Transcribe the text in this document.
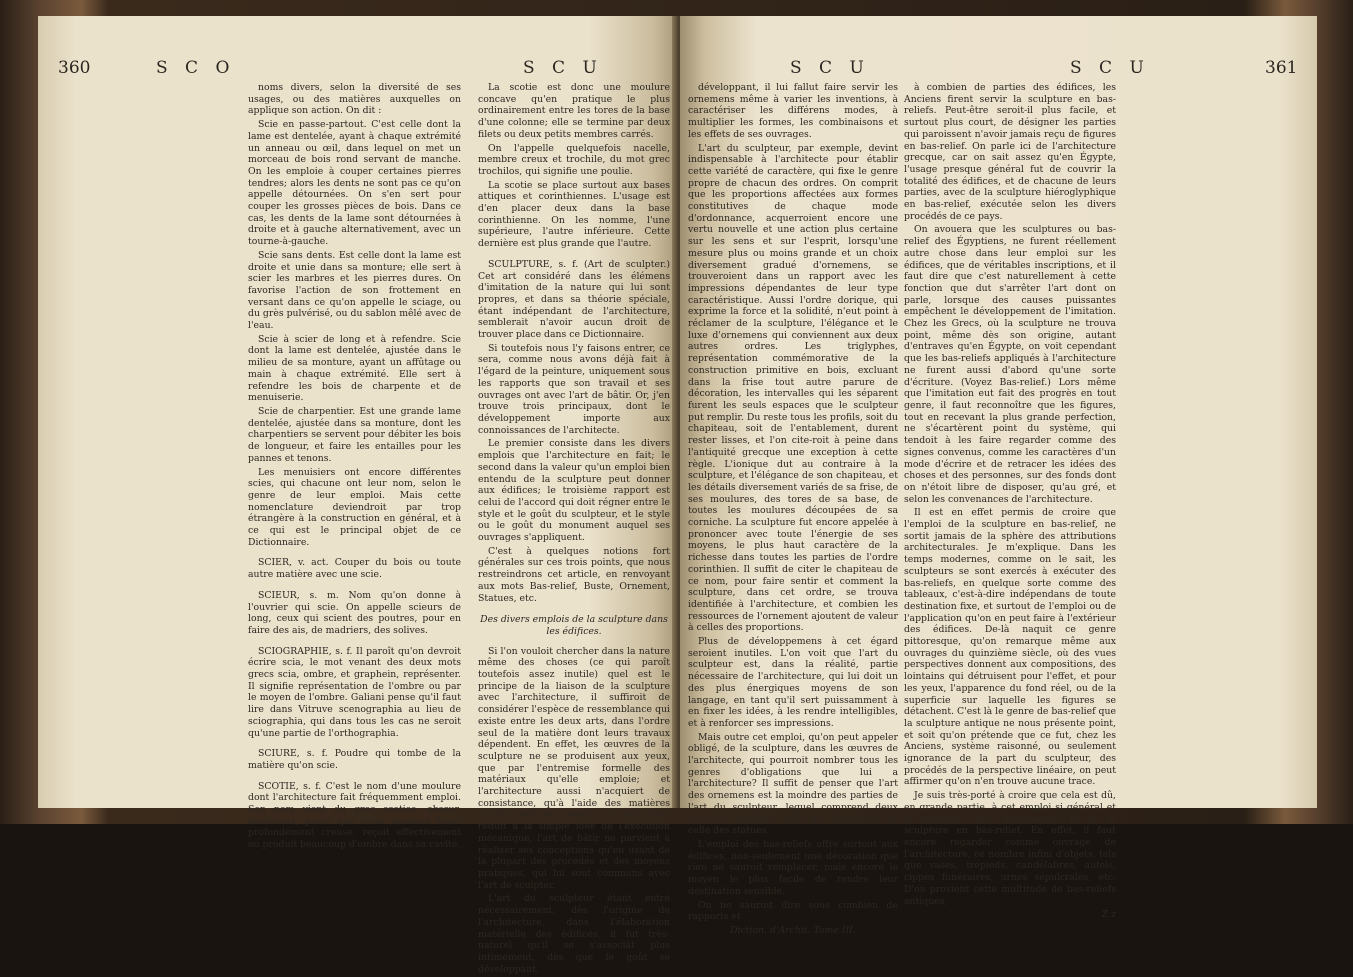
360	S C O	S C U

noms divers, selon la diversité de ses usages, ou des matières auxquelles on applique son action. On dit :

Scie en passe-partout. C'est celle dont la lame est dentelée, ayant à chaque extrémité un anneau ou œil, dans lequel on met un morceau de bois rond servant de manche. On les emploie à couper certaines pierres tendres; alors les dents ne sont pas ce qu'on appelle détournées. On s'en sert pour couper les grosses pièces de bois. Dans ce cas, les dents de la lame sont détournées à droite et à gauche alternativement, avec un tourne-à-gauche.

Scie sans dents. Est celle dont la lame est droite et unie dans sa monture; elle sert à scier les marbres et les pierres dures. On favorise l'action de son frottement en versant dans ce qu'on appelle le sciage, ou du grès pulvérisé, ou du sablon mêlé avec de l'eau.

Scie à scier de long et à refendre. Scie dont la lame est dentelée, ajustée dans le milieu de sa monture, ayant un affûtage ou main à chaque extrémité. Elle sert à refendre les bois de charpente et de menuiserie.

Scie de charpentier. Est une grande lame dentelée, ajustée dans sa monture, dont les charpentiers se servent pour débiter les bois de longueur, et faire les entailles pour les pannes et tenons.

Les menuisiers ont encore différentes scies, qui chacune ont leur nom, selon le genre de leur emploi. Mais cette nomenclature deviendroit par trop étrangère à la construction en général, et à ce qui est le principal objet de ce Dictionnaire.

SCIER, v. act. Couper du bois ou toute autre matière avec une scie.

SCIEUR, s. m. Nom qu'on donne à l'ouvrier qui scie. On appelle scieurs de long, ceux qui scient des poutres, pour en faire des ais, de madriers, des solives.

SCIOGRAPHIE, s. f. Il paroît qu'on devroit écrire scia, le mot venant des deux mots grecs scia, ombre, et graphein, représenter. Il signifie représentation de l'ombre ou par le moyen de l'ombre. Galiani pense qu'il faut lire dans Vitruve scenographia au lieu de sciographia, qui dans tous les cas ne seroit qu'une partie de l'orthographia.

SCIURE, s. f. Poudre qui tombe de la matière qu'on scie.

SCOTIE, s. f. C'est le nom d'une moulure dont l'architecture fait fréquemment emploi. Son nom vient du grec scotios, obscur, ténébreux, parce que cette moulure étant profondément creuse, reçoit effectivement ou produit beaucoup d'ombre dans sa cavité.

La scotie est donc une moulure concave qu'en pratique le plus ordinairement entre les tores de la base d'une colonne; elle se termine par deux filets ou deux petits membres carrés.

On l'appelle quelquefois nacelle, membre creux et trochile, du mot grec trochilos, qui signifie une poulie.

La scotie se place surtout aux bases attiques et corinthiennes. L'usage est d'en placer deux dans la base corinthienne. On les nomme, l'une supérieure, l'autre inférieure. Cette dernière est plus grande que l'autre.

SCULPTURE, s. f. (Art de sculpter.) Cet art considéré dans les élémens d'imitation de la nature qui lui sont propres, et dans sa théorie spéciale, étant indépendant de l'architecture, semblerait n'avoir aucun droit de trouver place dans ce Dictionnaire.

Si toutefois nous l'y faisons entrer, ce sera, comme nous avons déjà fait à l'égard de la peinture, uniquement sous les rapports que son travail et ses ouvrages ont avec l'art de bâtir. Or, j'en trouve trois principaux, dont le développement importe aux connoissances de l'architecte.

Le premier consiste dans les divers emplois que l'architecture en fait; le second dans la valeur qu'un emploi bien entendu de la sculpture peut donner aux édifices; le troisième rapport est celui de l'accord qui doit régner entre le style et le goût du sculpteur, et le style ou le goût du monument auquel ses ouvrages s'appliquent.

C'est à quelques notions fort générales sur ces trois points, que nous restreindrons cet article, en renvoyant aux mots Bas-relief, Buste, Ornement, Statues, etc.

Des divers emplois de la sculpture dans les édifices.

Si l'on vouloit chercher dans la nature même des choses (ce qui paroît toutefois assez inutile) quel est le principe de la liaison de la sculpture avec l'architecture, il suffiroit de considérer l'espèce de ressemblance qui existe entre les deux arts, dans l'ordre seul de la matière dont leurs travaux dépendent. En effet, les œuvres de la sculpture ne se produisent aux yeux, que par l'entremise formelle des matériaux qu'elle emploie; et l'architecture aussi n'acquiert de consistance, qu'à l'aide des matières qu'elle met en œuvre; si bien que, réduit à la simple idée de l'exécution mécanique, l'art de bâtir ne parvient à réaliser ses conceptions qu'en usant de la plupart des procédés et des moyens pratiques, qui lui sont communs avec l'art de sculpter.

L'art du sculpteur étant entré nécessairement, dès l'origine de l'architecture, dans l'élaboration matérielle des édifices, il fut très-naturel qu'il se s'associât plus intimement, dès que le goût se développant,

S C U	S C U	361

développant, il lui fallut faire servir les ornemens même à varier les inventions, à caractériser les différens modes, à multiplier les formes, les combinaisons et les effets de ses ouvrages.

L'art du sculpteur, par exemple, devint indispensable à l'architecte pour établir cette variété de caractère, qui fixe le genre propre de chacun des ordres. On comprit que les proportions affectées aux formes constitutives de chaque mode d'ordonnance, acquerroient encore une vertu nouvelle et une action plus certaine sur les sens et sur l'esprit, lorsqu'une mesure plus ou moins grande et un choix diversement gradué d'ornemens, se trouveroient dans un rapport avec les impressions dépendantes de leur type caractéristique. Aussi l'ordre dorique, qui exprime la force et la solidité, n'eut point à réclamer de la sculpture, l'élégance et le luxe d'ornemens qui conviennent aux deux autres ordres. Les triglyphes, représentation commémorative de la construction primitive en bois, excluant dans la frise tout autre parure de décoration, les intervalles qui les séparent furent les seuls espaces que le sculpteur put remplir. Du reste tous les profils, soit du chapiteau, soit de l'entablement, durent rester lisses, et l'on cite-roit à peine dans l'antiquité grecque une exception à cette règle. L'ionique dut au contraire à la sculpture, et l'élégance de son chapiteau, et les détails diversement variés de sa frise, de ses moulures, des tores de sa base, de toutes les moulures découpées de sa corniche. La sculpture fut encore appelée à prononcer avec toute l'énergie de ses moyens, le plus haut caractère de la richesse dans toutes les parties de l'ordre corinthien. Il suffit de citer le chapiteau de ce nom, pour faire sentir et comment la sculpture, dans cet ordre, se trouva identifiée à l'architecture, et combien les ressources de l'ornement ajoutent de valeur à celles des proportions.

Plus de développemens à cet égard seroient inutiles. L'on voit que l'art du sculpteur est, dans la réalité, partie nécessaire de l'architecture, qui lui doit un des plus énergiques moyens de son langage, en tant qu'il sert puissamment à en fixer les idées, à les rendre intelligibles, et à renforcer ses impressions.

Mais outre cet emploi, qu'on peut appeler obligé, de la sculpture, dans les œuvres de l'architecte, qui pourroit nombrer tous les genres d'obligations que lui a l'architecture? Il suffit de penser que l'art des ornemens est la moindre des parties de l'art du sculpteur, lequel comprend deux grandes divisions, celle des bas-reliefs et celle des statues.

L'emploi des bas-reliefs offre surtout aux édifices, non-seulement une décoration que rien ne sauroit remplacer, mais encore le moyen le plus facile de rendre leur destination sensible.

On ne sauroit dire sous combien de rapports et

Diction. d'Archit. Tome III.

à combien de parties des édifices, les Anciens firent servir la sculpture en bas-reliefs. Peut-être seroit-il plus facile, et surtout plus court, de désigner les parties qui paroissent n'avoir jamais reçu de figures en bas-relief. On parle ici de l'architecture grecque, car on sait assez qu'en Égypte, l'usage presque général fut de couvrir la totalité des édifices, et de chacune de leurs parties, avec de la sculpture hiéroglyphique en bas-relief, exécutée selon les divers procédés de ce pays.

On avouera que les sculptures ou bas-relief des Égyptiens, ne furent réellement autre chose dans leur emploi sur les édifices, que de véritables inscriptions, et il faut dire que c'est naturellement à cette fonction que dut s'arrêter l'art dont on parle, lorsque des causes puissantes empêchent le développement de l'imitation. Chez les Grecs, où la sculpture ne trouva point, même dès son origine, autant d'entraves qu'en Égypte, on voit cependant que les bas-reliefs appliqués à l'architecture ne furent aussi d'abord qu'une sorte d'écriture. (Voyez Bas-relief.) Lors même que l'imitation eut fait des progrès en tout genre, il faut reconnoître que les figures, tout en recevant la plus grande perfection, ne s'écartèrent point du système, qui tendoit à les faire regarder comme des signes convenus, comme les caractères d'un mode d'écrire et de retracer les idées des choses et des personnes, sur des fonds dont on n'étoit libre de disposer, qu'au gré, et selon les convenances de l'architecture.

Il est en effet permis de croire que l'emploi de la sculpture en bas-relief, ne sortit jamais de la sphère des attributions architecturales. Je m'explique. Dans les temps modernes, comme on le sait, les sculpteurs se sont exercés à exécuter des bas-reliefs, en quelque sorte comme des tableaux, c'est-à-dire indépendans de toute destination fixe, et surtout de l'emploi ou de l'application qu'on en peut faire à l'extérieur des édifices. De-là naquit ce genre pittoresque, qu'on remarque même aux ouvrages du quinzième siècle, où des vues perspectives donnent aux compositions, des lointains qui détruisent pour l'effet, et pour les yeux, l'apparence du fond réel, ou de la superficie sur laquelle les figures se détachent. C'est là le genre de bas-relief que la sculpture antique ne nous présente point, et soit qu'on prétende que ce fut, chez les Anciens, système raisonné, ou seulement ignorance de la part du sculpteur, des procédés de la perspective linéaire, on peut affirmer qu'on n'en trouve aucune trace.

Je suis très-porté à croire que cela est dû, en grande partie, à cet emploi si général et si multiplié, que l'architecture fit de la sculpture en bas-relief. En effet, il faut encore regarder comme ouvrage de l'architecture, ce nombre infini d'objets, tels que vases, trépieds, candélabres, autels, cippes funéraires, urnes sépulcrales, etc. D'où provient cette multitude de bas-reliefs antiques,

Z z
